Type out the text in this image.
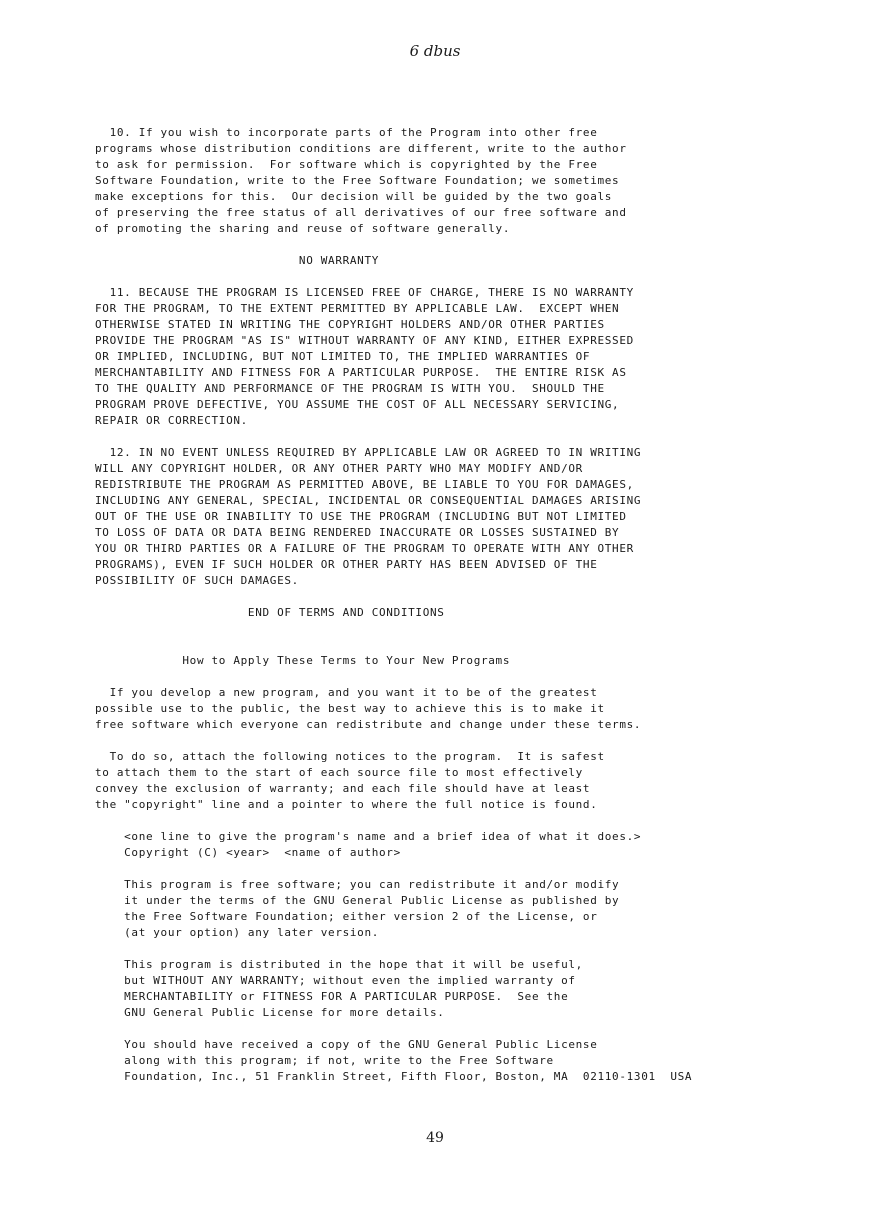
6 dbus

10. If you wish to incorporate parts of the Program into other free
programs whose distribution conditions are different, write to the author
to ask for permission.  For software which is copyrighted by the Free
Software Foundation, write to the Free Software Foundation; we sometimes
make exceptions for this.  Our decision will be guided by the two goals
of preserving the free status of all derivatives of our free software and
of promoting the sharing and reuse of software generally.
NO WARRANTY
11. BECAUSE THE PROGRAM IS LICENSED FREE OF CHARGE, THERE IS NO WARRANTY
FOR THE PROGRAM, TO THE EXTENT PERMITTED BY APPLICABLE LAW.  EXCEPT WHEN
OTHERWISE STATED IN WRITING THE COPYRIGHT HOLDERS AND/OR OTHER PARTIES
PROVIDE THE PROGRAM "AS IS" WITHOUT WARRANTY OF ANY KIND, EITHER EXPRESSED
OR IMPLIED, INCLUDING, BUT NOT LIMITED TO, THE IMPLIED WARRANTIES OF
MERCHANTABILITY AND FITNESS FOR A PARTICULAR PURPOSE.  THE ENTIRE RISK AS
TO THE QUALITY AND PERFORMANCE OF THE PROGRAM IS WITH YOU.  SHOULD THE
PROGRAM PROVE DEFECTIVE, YOU ASSUME THE COST OF ALL NECESSARY SERVICING,
REPAIR OR CORRECTION.
12. IN NO EVENT UNLESS REQUIRED BY APPLICABLE LAW OR AGREED TO IN WRITING
WILL ANY COPYRIGHT HOLDER, OR ANY OTHER PARTY WHO MAY MODIFY AND/OR
REDISTRIBUTE THE PROGRAM AS PERMITTED ABOVE, BE LIABLE TO YOU FOR DAMAGES,
INCLUDING ANY GENERAL, SPECIAL, INCIDENTAL OR CONSEQUENTIAL DAMAGES ARISING
OUT OF THE USE OR INABILITY TO USE THE PROGRAM (INCLUDING BUT NOT LIMITED
TO LOSS OF DATA OR DATA BEING RENDERED INACCURATE OR LOSSES SUSTAINED BY
YOU OR THIRD PARTIES OR A FAILURE OF THE PROGRAM TO OPERATE WITH ANY OTHER
PROGRAMS), EVEN IF SUCH HOLDER OR OTHER PARTY HAS BEEN ADVISED OF THE
POSSIBILITY OF SUCH DAMAGES.
END OF TERMS AND CONDITIONS
How to Apply These Terms to Your New Programs
If you develop a new program, and you want it to be of the greatest
possible use to the public, the best way to achieve this is to make it
free software which everyone can redistribute and change under these terms.
To do so, attach the following notices to the program.  It is safest
to attach them to the start of each source file to most effectively
convey the exclusion of warranty; and each file should have at least
the "copyright" line and a pointer to where the full notice is found.
<one line to give the program's name and a brief idea of what it does.>
Copyright (C) <year>  <name of author>
This program is free software; you can redistribute it and/or modify
it under the terms of the GNU General Public License as published by
the Free Software Foundation; either version 2 of the License, or
(at your option) any later version.
This program is distributed in the hope that it will be useful,
but WITHOUT ANY WARRANTY; without even the implied warranty of
MERCHANTABILITY or FITNESS FOR A PARTICULAR PURPOSE.  See the
GNU General Public License for more details.
You should have received a copy of the GNU General Public License
along with this program; if not, write to the Free Software
Foundation, Inc., 51 Franklin Street, Fifth Floor, Boston, MA  02110-1301  USA

49
